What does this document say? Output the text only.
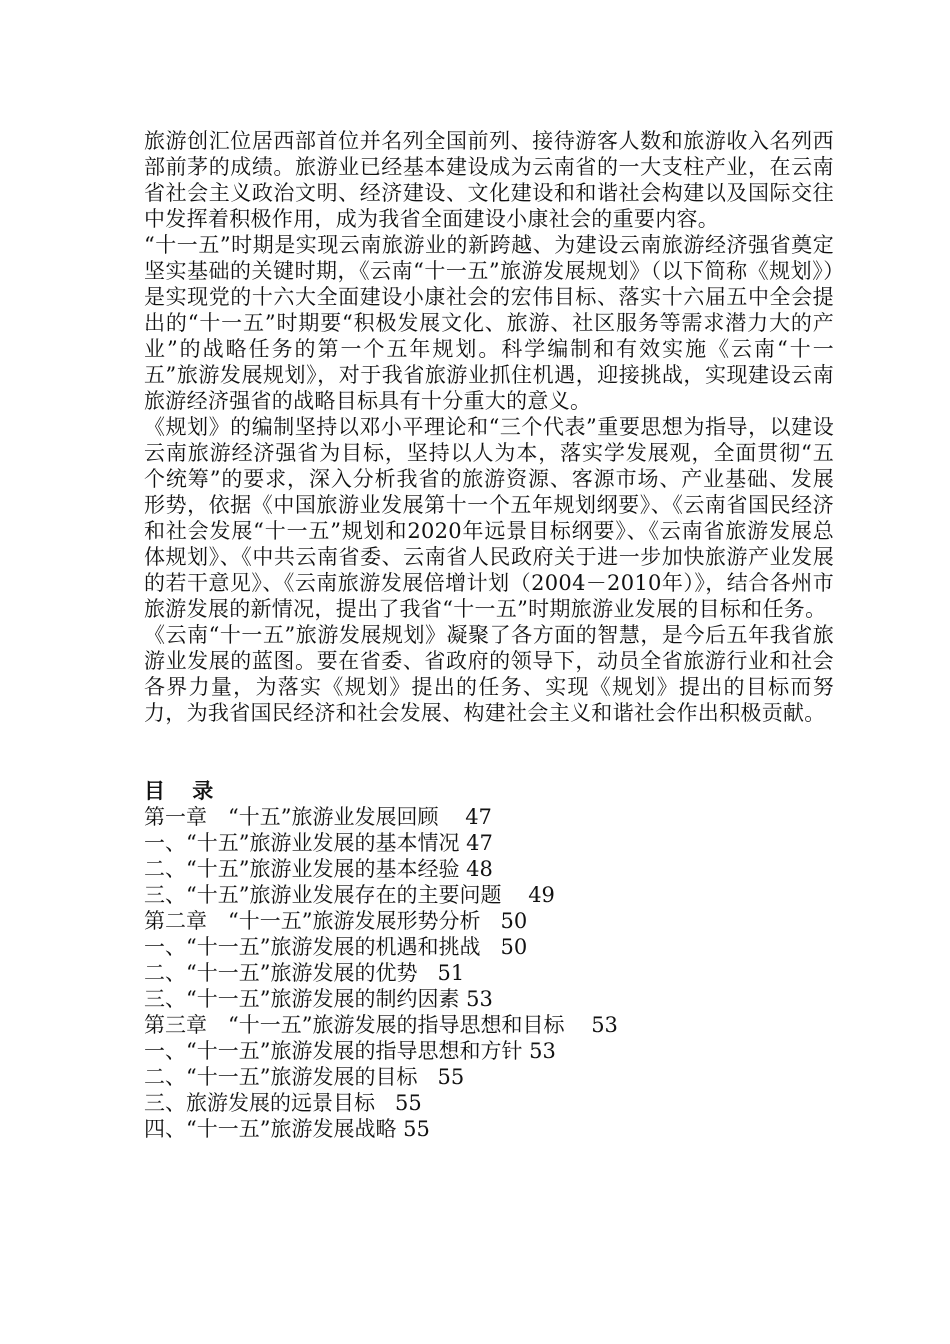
旅游创汇位居西部首位并名列全国前列、接待游客人数和旅游收入名列西部前茅的成绩。旅游业已经基本建设成为云南省的一大支柱产业，在云南省社会主义政治文明、经济建设、文化建设和和谐社会构建以及国际交往中发挥着积极作用，成为我省全面建设小康社会的重要内容。

“十一五”时期是实现云南旅游业的新跨越、为建设云南旅游经济强省奠定坚实基础的关键时期，《云南“十一五”旅游发展规划》（以下简称《规划》）是实现党的十六大全面建设小康社会的宏伟目标、落实十六届五中全会提出的“十一五”时期要“积极发展文化、旅游、社区服务等需求潜力大的产业”的战略任务的第一个五年规划。科学编制和有效实施《云南“十一五”旅游发展规划》，对于我省旅游业抓住机遇，迎接挑战，实现建设云南旅游经济强省的战略目标具有十分重大的意义。

《规划》的编制坚持以邓小平理论和“三个代表”重要思想为指导，以建设云南旅游经济强省为目标，坚持以人为本，落实学发展观，全面贯彻“五个统筹”的要求，深入分析我省的旅游资源、客源市场、产业基础、发展形势，依据《中国旅游业发展第十一个五年规划纲要》、《云南省国民经济和社会发展“十一五”规划和2020年远景目标纲要》、《云南省旅游发展总体规划》、《中共云南省委、云南省人民政府关于进一步加快旅游产业发展的若干意见》、《云南旅游发展倍增计划（2004－2010年）》，结合各州市旅游发展的新情况，提出了我省“十一五”时期旅游业发展的目标和任务。

《云南“十一五”旅游发展规划》凝聚了各方面的智慧，是今后五年我省旅游业发展的蓝图。要在省委、省政府的领导下，动员全省旅游行业和社会各界力量，为落实《规划》提出的任务、实现《规划》提出的目标而努力，为我省国民经济和社会发展、构建社会主义和谐社会作出积极贡献。

目 录
第一章　“十五”旅游业发展回顾 47
一、“十五”旅游业发展的基本情况 47
二、“十五”旅游业发展的基本经验 48
三、“十五”旅游业发展存在的主要问题 49
第二章　“十一五”旅游发展形势分析 50
一、“十一五”旅游发展的机遇和挑战 50
二、“十一五”旅游发展的优势 51
三、“十一五”旅游发展的制约因素 53
第三章　“十一五”旅游发展的指导思想和目标 53
一、“十一五”旅游发展的指导思想和方针 53
二、“十一五”旅游发展的目标 55
三、旅游发展的远景目标 55
四、“十一五”旅游发展战略 55
